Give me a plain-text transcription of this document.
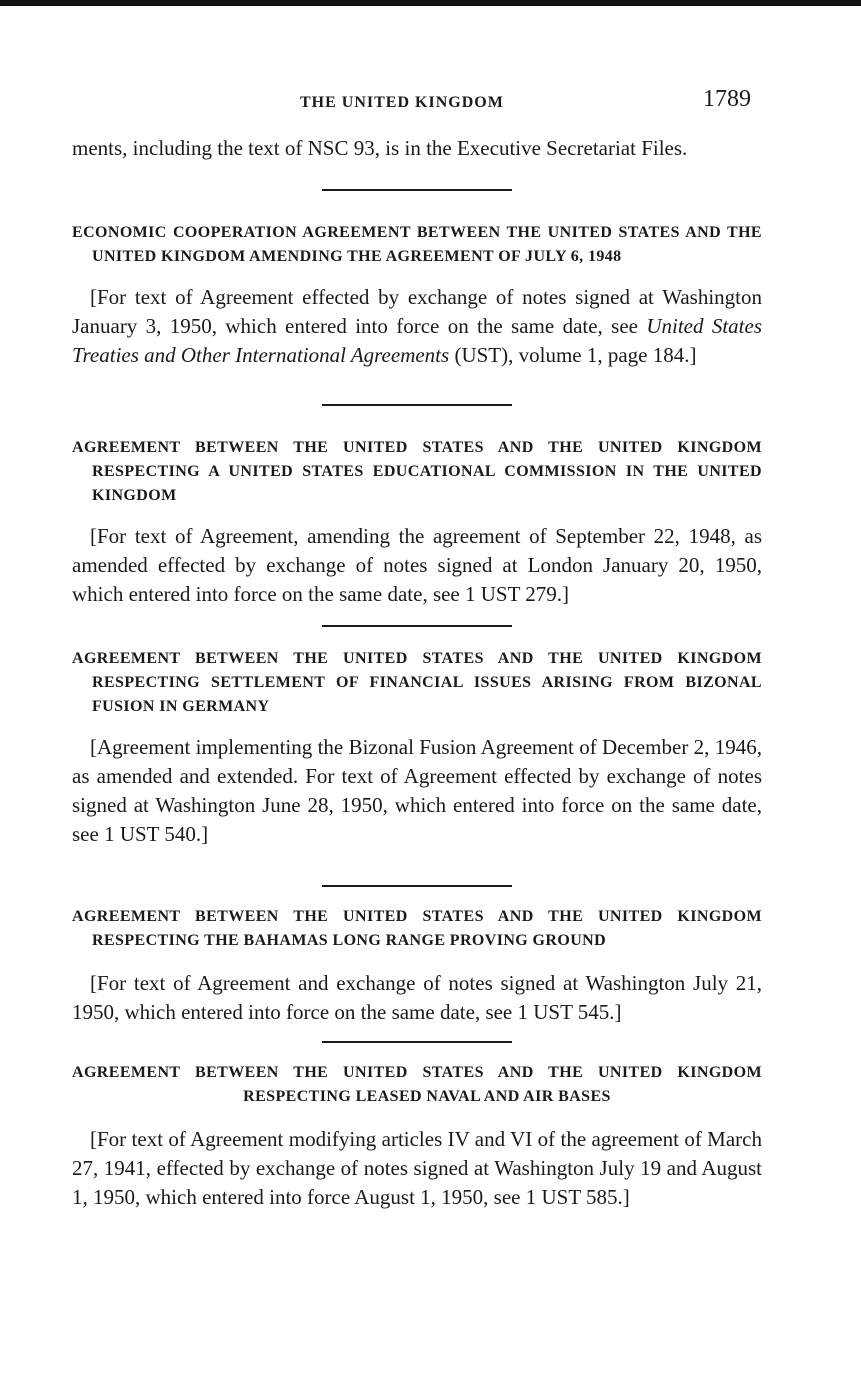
THE UNITED KINGDOM	1789

ments, including the text of NSC 93, is in the Executive Secretariat Files.

ECONOMIC COOPERATION AGREEMENT BETWEEN THE UNITED STATES AND THE UNITED KINGDOM AMENDING THE AGREEMENT OF JULY 6, 1948

[For text of Agreement effected by exchange of notes signed at Washington January 3, 1950, which entered into force on the same date, see United States Treaties and Other International Agreements (UST), volume 1, page 184.]

AGREEMENT BETWEEN THE UNITED STATES AND THE UNITED KINGDOM RESPECTING A UNITED STATES EDUCATIONAL COMMISSION IN THE UNITED KINGDOM

[For text of Agreement, amending the agreement of September 22, 1948, as amended effected by exchange of notes signed at London January 20, 1950, which entered into force on the same date, see 1 UST 279.]

AGREEMENT BETWEEN THE UNITED STATES AND THE UNITED KINGDOM RESPECTING SETTLEMENT OF FINANCIAL ISSUES ARISING FROM BIZONAL FUSION IN GERMANY

[Agreement implementing the Bizonal Fusion Agreement of December 2, 1946, as amended and extended. For text of Agreement effected by exchange of notes signed at Washington June 28, 1950, which entered into force on the same date, see 1 UST 540.]

AGREEMENT BETWEEN THE UNITED STATES AND THE UNITED KINGDOM RESPECTING THE BAHAMAS LONG RANGE PROVING GROUND

[For text of Agreement and exchange of notes signed at Washington July 21, 1950, which entered into force on the same date, see 1 UST 545.]

AGREEMENT BETWEEN THE UNITED STATES AND THE UNITED KINGDOM RESPECTING LEASED NAVAL AND AIR BASES

[For text of Agreement modifying articles IV and VI of the agreement of March 27, 1941, effected by exchange of notes signed at Washington July 19 and August 1, 1950, which entered into force August 1, 1950, see 1 UST 585.]
